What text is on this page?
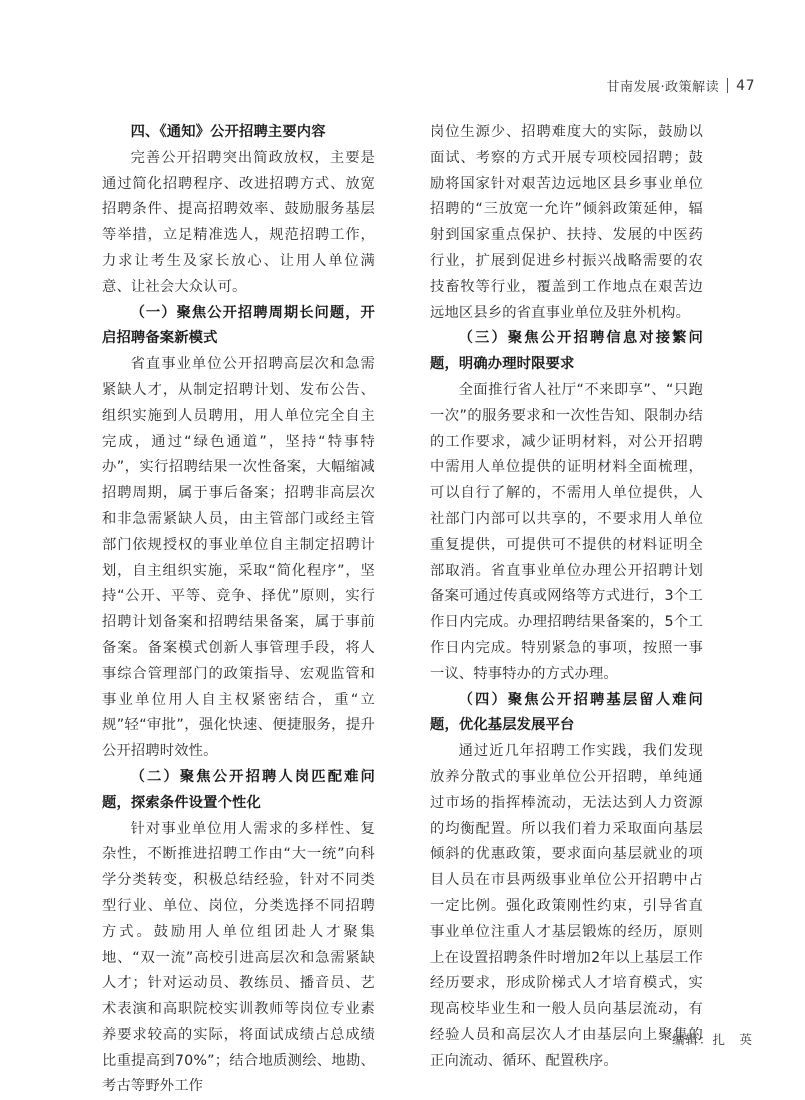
甘南发展·政策解读 47

四、《通知》公开招聘主要内容

完善公开招聘突出简政放权，主要是通过简化招聘程序、改进招聘方式、放宽招聘条件、提高招聘效率、鼓励服务基层等举措，立足精准选人，规范招聘工作，力求让考生及家长放心、让用人单位满意、让社会大众认可。

（一）聚焦公开招聘周期长问题，开启招聘备案新模式

省直事业单位公开招聘高层次和急需紧缺人才，从制定招聘计划、发布公告、组织实施到人员聘用，用人单位完全自主完成，通过“绿色通道”，坚持“特事特办”，实行招聘结果一次性备案，大幅缩减招聘周期，属于事后备案；招聘非高层次和非急需紧缺人员，由主管部门或经主管部门依规授权的事业单位自主制定招聘计划，自主组织实施，采取“简化程序”，坚持“公开、平等、竞争、择优”原则，实行招聘计划备案和招聘结果备案，属于事前备案。备案模式创新人事管理手段，将人事综合管理部门的政策指导、宏观监管和事业单位用人自主权紧密结合，重“立规”轻“审批”，强化快速、便捷服务，提升公开招聘时效性。

（二）聚焦公开招聘人岗匹配难问题，探索条件设置个性化

针对事业单位用人需求的多样性、复杂性，不断推进招聘工作由“大一统”向科学分类转变，积极总结经验，针对不同类型行业、单位、岗位，分类选择不同招聘方式。鼓励用人单位组团赴人才聚集地、“双一流”高校引进高层次和急需紧缺人才；针对运动员、教练员、播音员、艺术表演和高职院校实训教师等岗位专业素养要求较高的实际，将面试成绩占总成绩比重提高到70%”；结合地质测绘、地勘、考古等野外工作

岗位生源少、招聘难度大的实际，鼓励以面试、考察的方式开展专项校园招聘；鼓励将国家针对艰苦边远地区县乡事业单位招聘的“三放宽一允许”倾斜政策延伸，辐射到国家重点保护、扶持、发展的中医药行业，扩展到促进乡村振兴战略需要的农技畜牧等行业，覆盖到工作地点在艰苦边远地区县乡的省直事业单位及驻外机构。

（三）聚焦公开招聘信息对接繁问题，明确办理时限要求

全面推行省人社厅“不来即享”、“只跑一次”的服务要求和一次性告知、限制办结的工作要求，减少证明材料，对公开招聘中需用人单位提供的证明材料全面梳理，可以自行了解的，不需用人单位提供，人社部门内部可以共享的，不要求用人单位重复提供，可提供可不提供的材料证明全部取消。省直事业单位办理公开招聘计划备案可通过传真或网络等方式进行，3个工作日内完成。办理招聘结果备案的，5个工作日内完成。特别紧急的事项，按照一事一议、特事特办的方式办理。

（四）聚焦公开招聘基层留人难问题，优化基层发展平台

通过近几年招聘工作实践，我们发现放养分散式的事业单位公开招聘，单纯通过市场的指挥棒流动，无法达到人力资源的均衡配置。所以我们着力采取面向基层倾斜的优惠政策，要求面向基层就业的项目人员在市县两级事业单位公开招聘中占一定比例。强化政策刚性约束，引导省直事业单位注重人才基层锻炼的经历，原则上在设置招聘条件时增加2年以上基层工作经历要求，形成阶梯式人才培育模式，实现高校毕业生和一般人员向基层流动，有经验人员和高层次人才由基层向上聚集的正向流动、循环、配置秩序。

编辑：扎　英
